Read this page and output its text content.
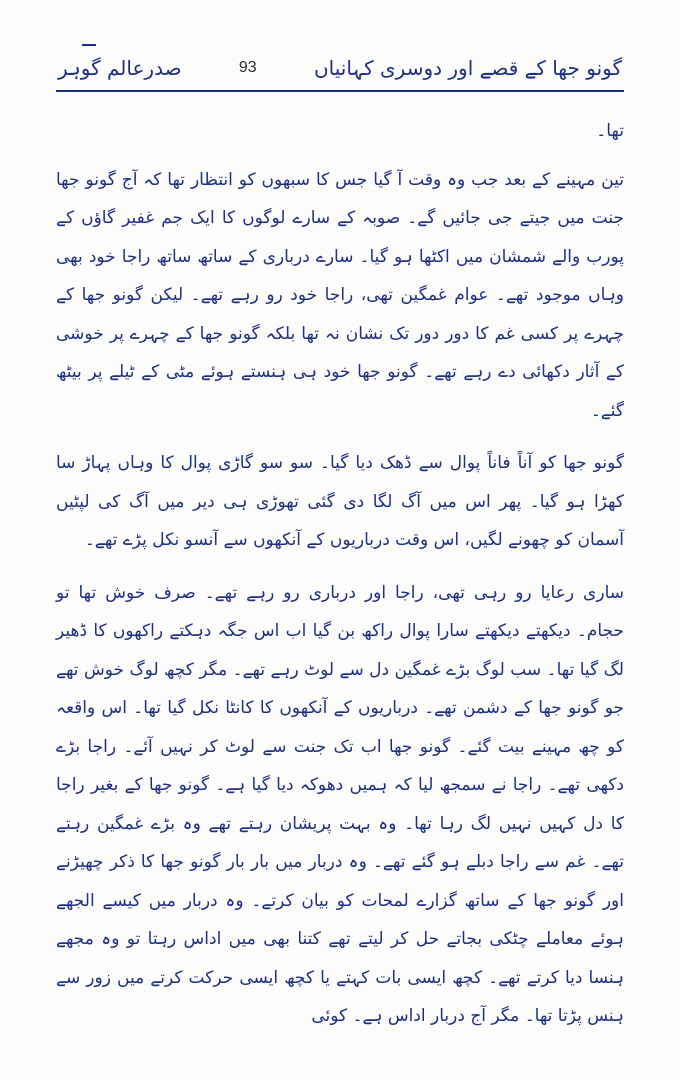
گونو جھا کے قصے اور دوسری کہانیاں
93
صدرعالم گوہر

تھا۔

تین مہینے کے بعد جب وہ وقت آ گیا جس کا سبھوں کو انتظار تھا کہ آج گونو جھا جنت میں جیتے جی جائیں گے۔ صوبہ کے سارے لوگوں کا ایک جم غفیر گاؤں کے پورب والے شمشان میں اکٹھا ہو گیا۔ سارے درباری کے ساتھ ساتھ راجا خود بھی وہاں موجود تھے۔ عوام غمگین تھی، راجا خود رو رہے تھے۔ لیکن گونو جھا کے چہرے پر کسی غم کا دور دور تک نشان نہ تھا بلکہ گونو جھا کے چہرے پر خوشی کے آثار دکھائی دے رہے تھے۔ گونو جھا خود ہی ہنستے ہوئے مٹی کے ٹیلے پر بیٹھ گئے۔

گونو جھا کو آناً فاناً پوال سے ڈھک دیا گیا۔ سو سو گاڑی پوال کا وہاں پہاڑ سا کھڑا ہو گیا۔ پھر اس میں آگ لگا دی گئی تھوڑی ہی دیر میں آگ کی لپٹیں آسمان کو چھونے لگیں، اس وقت درباریوں کے آنکھوں سے آنسو نکل پڑے تھے۔

ساری رعایا رو رہی تھی، راجا اور درباری رو رہے تھے۔ صرف خوش تھا تو حجام۔ دیکھتے دیکھتے سارا پوال راکھ بن گیا اب اس جگہ دہکتے راکھوں کا ڈھیر لگ گیا تھا۔ سب لوگ بڑے غمگین دل سے لوٹ رہے تھے۔ مگر کچھ لوگ خوش تھے جو گونو جھا کے دشمن تھے۔ درباریوں کے آنکھوں کا کانٹا نکل گیا تھا۔ اس واقعہ کو چھ مہینے بیت گئے۔ گونو جھا اب تک جنت سے لوٹ کر نہیں آئے۔ راجا بڑے دکھی تھے۔ راجا نے سمجھ لیا کہ ہمیں دھوکہ دیا گیا ہے۔ گونو جھا کے بغیر راجا کا دل کہیں نہیں لگ رہا تھا۔ وہ بہت پریشان رہتے تھے وہ بڑے غمگین رہتے تھے۔ غم سے راجا دبلے ہو گئے تھے۔ وہ دربار میں بار بار گونو جھا کا ذکر چھیڑنے اور گونو جھا کے ساتھ گزارے لمحات کو بیان کرتے۔ وہ دربار میں کیسے الجھے ہوئے معاملے چٹکی بجاتے حل کر لیتے تھے کتنا بھی میں اداس رہتا تو وہ مجھے ہنسا دیا کرتے تھے۔ کچھ ایسی بات کہتے یا کچھ ایسی حرکت کرتے میں زور سے ہنس پڑتا تھا۔ مگر آج دربار اداس ہے۔ کوئی
